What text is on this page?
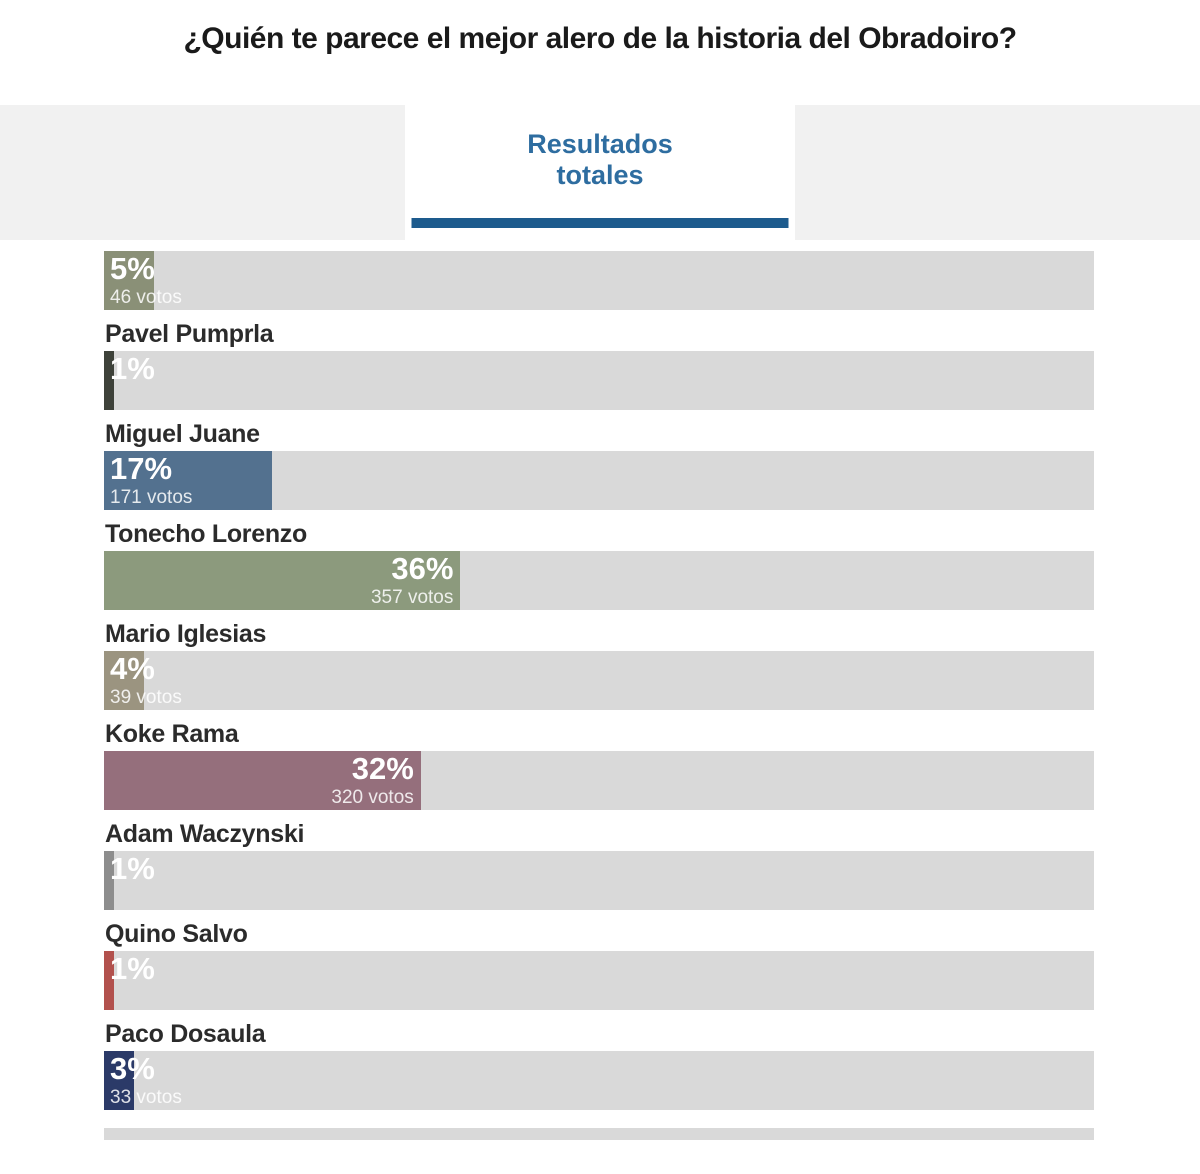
¿Quién te parece el mejor alero de la historia del Obradoiro?
Resultados totales
5%
46 votos
Pavel Pumprla
1%
Miguel Juane
17%
171 votos
Tonecho Lorenzo
36%
357 votos
Mario Iglesias
4%
39 votos
Koke Rama
32%
320 votos
Adam Waczynski
1%
Quino Salvo
1%
Paco Dosaula
3%
33 votos
